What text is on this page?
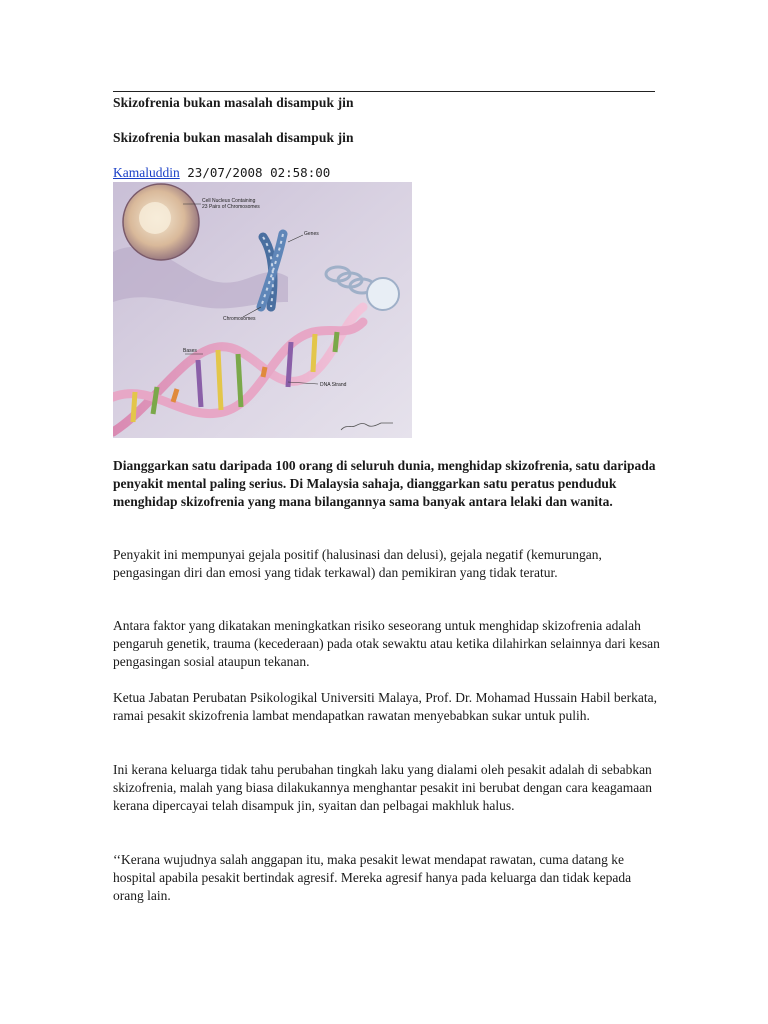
Skizofrenia bukan masalah disampuk jin
Skizofrenia bukan masalah disampuk jin
Kamaluddin 23/07/2008 02:58:00
Cell Nucleus Containing
23 Pairs of Chromosomes
Genes
Chromosomes
Bases
DNA Strand

Dianggarkan satu daripada 100 orang di seluruh dunia, menghidap skizofrenia, satu daripada penyakit mental paling serius. Di Malaysia sahaja, dianggarkan satu peratus penduduk menghidap skizofrenia yang mana bilangannya sama banyak antara lelaki dan wanita.

Penyakit ini mempunyai gejala positif (halusinasi dan delusi), gejala negatif (kemurungan, pengasingan diri dan emosi yang tidak terkawal) dan pemikiran yang tidak teratur.

Antara faktor yang dikatakan meningkatkan risiko seseorang untuk menghidap skizofrenia adalah pengaruh genetik, trauma (kecederaan) pada otak sewaktu atau ketika dilahirkan selainnya dari kesan pengasingan sosial ataupun tekanan.

Ketua Jabatan Perubatan Psikologikal Universiti Malaya, Prof. Dr. Mohamad Hussain Habil berkata, ramai pesakit skizofrenia lambat mendapatkan rawatan menyebabkan sukar untuk pulih.

Ini kerana keluarga tidak tahu perubahan tingkah laku yang dialami oleh pesakit adalah di sebabkan skizofrenia, malah yang biasa dilakukannya menghantar pesakit ini berubat dengan cara keagamaan kerana dipercayai telah disampuk jin, syaitan dan pelbagai makhluk halus.

‘‘Kerana wujudnya salah anggapan itu, maka pesakit lewat mendapat rawatan, cuma datang ke hospital apabila pesakit bertindak agresif. Mereka agresif hanya pada keluarga dan tidak kepada orang lain.
